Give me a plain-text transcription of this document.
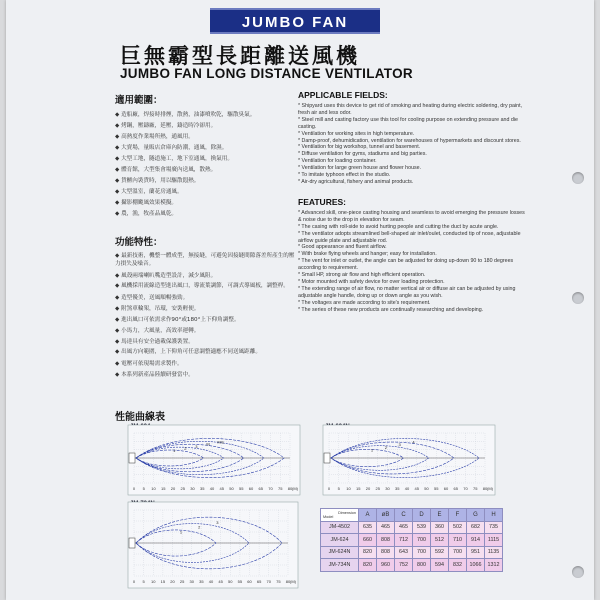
JUMBO FAN
巨無霸型長距離送風機
JUMBO FAN LONG DISTANCE VENTILATOR
適用範圍：
◆ 造船廠，焊接時排煙，散熱，油漆噴吹乾，驅散臭氣。
◆ 烤鋼，壓鑄廠，延壓，鑄造時冷卻用。
◆ 高熱度作業場所熱，通風用。
◆ 大賣場，量販店倉庫內防潮，通風，除濕。
◆ 大型工地，隧道施工，地下室通風，換氣用。
◆ 體育館，大型集會場廣內送風，散熱。
◆ 貨櫃內裝貨時，用以驅散悶熱。
◆ 大型溫室，蘭花房通風。
◆ 攝影棚颱風效果模擬。
◆ 農，漁，牧產品風乾。
功能特性：
◆ 最新技術，機整一體成型，無接縫，可避免因接縫間隙落差所產生的壓力損失及噪音。
◆ 風殼兩端喇叭嘴造型設計，減少風阻。
◆ 風機採用流線造型進出風口，導流葉調節，可調式導風板，調整桿。
◆ 造型優美，送風順暢強勁。
◆ 附煞車輪架，吊環，安裝輕便。
◆ 進出風口可依需求作90°或180°上下仰角調整。
◆ 小馬力，大風量，高效率運轉。
◆ 馬達具有安全過載保護裝置。
◆ 出風方向範圍，上下仰角可任意調整適應不同送風距離。
◆ 電壓可依現場需求製作。
◆ 本系列新產品陸續研發當中。
APPLICABLE FIELDS:
* Shipyard uses this device to get rid of smoking and heating during electric soldering, dry paint, fresh air and less odor.
* Steel mill and casting factory use this tool for cooling purpose on extending pressure and die casting.
* Ventilation for working sites in high temperature.
* Damp-proof, dehumidication, ventilation for warehouses of hypermarkets and discount stores.
* Ventilation for big workshop, tunnel and basement.
* Diffuse ventilation for gyms, stadiums and big parties.
* Ventilation for loading container.
* Ventilation for large green house and flower house.
* To imitate typhoon effect in the studio.
* Air-dry agricultural, fishery and animal products.
FEATURES:
* Advanced skill, one-piece casting housing and seamless to avoid emerging the pressure losses & noise due to the drop in elevation for seam.
* The casing with roll-side to avoid hurting people and cutting the duct by acute angle.
* The ventilator adopts streamlined bell-shaped air inlet/oulet, conducted tip of nose, adjustable airflow guide plate and adjustable rod.
* Good appearance and fluent airflow.
* With brake flying wheels and hanger; easy for installation.
* The vent for inlet or outlet, the angle can be adjusted for doing up-down 90 to 180 degrees according to requirement.
* Small HP, strong air flow and high efficient operation.
* Motor mounted with safety device for over loading protection.
* The extending range of air flow, no matter vertical air or diffuse air can be adjusted by using adjustable angle handle, doing up or down angle as you wish.
* The voltages are made according to site's requirement.
* The series of these new products are continually researching and developing.
性能曲線表
0 5 10 15 20 25 30 35 40 45 50 55 60 65 70 75 80 (M)
1 2 3 M M/s
0 5 10 15 20 25 30 35 40 45 50 55 60 65 70 75 80 (M)
1
2
3
4
0 5 10 15 20 25 30 35 40 45 50 55 60 65 70 75 80 (M)
1
2
3
Dimension
Model	A	øB	C	D	E	F	G	H
JM-4502	635	465	465	539	360	502	682	735
JM-624	660	808	712	700	512	710	914	1115
JM-624N	820	808	643	700	592	700	951	1135
JM-734N	820	960	752	800	594	832	1066	1312
